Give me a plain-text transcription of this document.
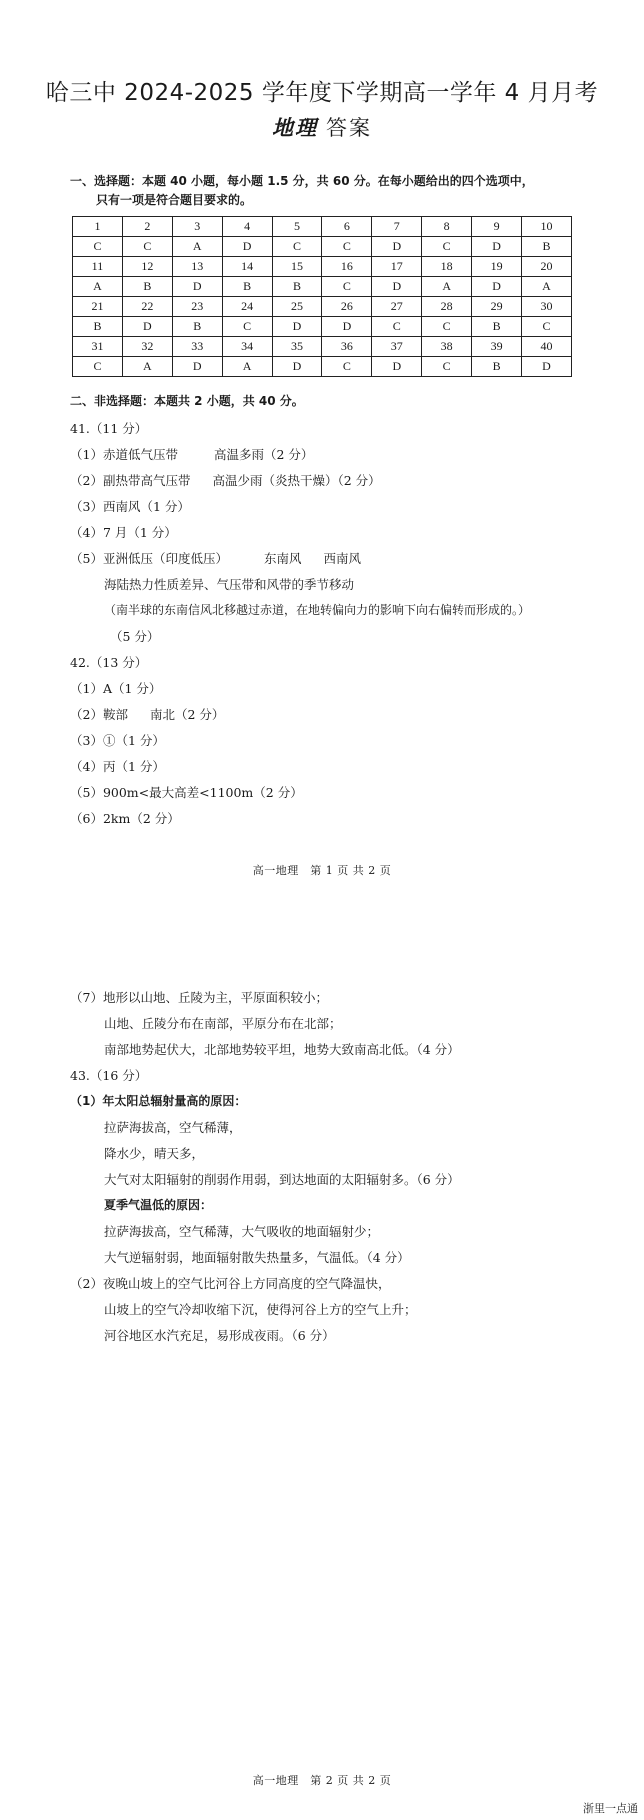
哈三中 2024-2025 学年度下学期高一学年 4 月月考
地理 答案
一、选择题：本题 40 小题，每小题 1.5 分，共 60 分。在每小题给出的四个选项中，
只有一项是符合题目要求的。
1	2	3	4	5	6	7	8	9	10
C	C	A	D	C	C	D	C	D	B
11	12	13	14	15	16	17	18	19	20
A	B	D	B	B	C	D	A	D	A
21	22	23	24	25	26	27	28	29	30
B	D	B	C	D	D	C	C	B	C
31	32	33	34	35	36	37	38	39	40
C	A	D	A	D	C	D	C	B	D
二、非选择题：本题共 2 小题，共 40 分。
41.（11 分）
（1）赤道低气压带	高温多雨（2 分）
（2）副热带高气压带 高温少雨（炎热干燥）（2 分）
（3）西南风（1 分）
（4）7 月（1 分）
（5）亚洲低压（印度低压）	东南风 西南风
海陆热力性质差异、气压带和风带的季节移动
（南半球的东南信风北移越过赤道，在地转偏向力的影响下向右偏转而形成的。）
（5 分）
42.（13 分）
（1）A（1 分）
（2）鞍部 南北（2 分）
（3）①（1 分）
（4）丙（1 分）
（5）900m<最大高差<1100m（2 分）
（6）2km（2 分）
高一地理　第 1 页 共 2 页
（7）地形以山地、丘陵为主，平原面积较小；
山地、丘陵分布在南部，平原分布在北部；
南部地势起伏大，北部地势较平坦，地势大致南高北低。（4 分）
43.（16 分）
（1）年太阳总辐射量高的原因：
拉萨海拔高，空气稀薄，
降水少，晴天多，
大气对太阳辐射的削弱作用弱，到达地面的太阳辐射多。（6 分）
夏季气温低的原因：
拉萨海拔高，空气稀薄，大气吸收的地面辐射少；
大气逆辐射弱，地面辐射散失热量多，气温低。（4 分）
（2）夜晚山坡上的空气比河谷上方同高度的空气降温快，
山坡上的空气冷却收缩下沉，使得河谷上方的空气上升；
河谷地区水汽充足，易形成夜雨。（6 分）
高一地理　第 2 页 共 2 页
浙里一点通
